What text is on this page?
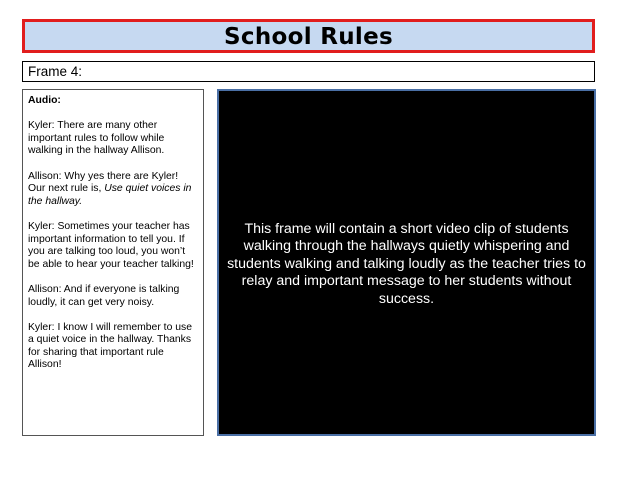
School Rules
Frame 4:

Audio:

Kyler: There are many other important rules to follow while walking in the hallway Allison.

Allison: Why yes there are Kyler! Our next rule is, Use quiet voices in the hallway.

Kyler: Sometimes your teacher has important information to tell you. If you are talking too loud, you won’t be able to hear your teacher talking!

Allison: And if everyone is talking loudly, it can get very noisy.

Kyler: I know I will remember to use a quiet voice in the hallway. Thanks for sharing that important rule Allison!

This frame will contain a short video clip of students walking through the hallways quietly whispering and students walking and talking loudly as the teacher tries to relay and important message to her students without success.
